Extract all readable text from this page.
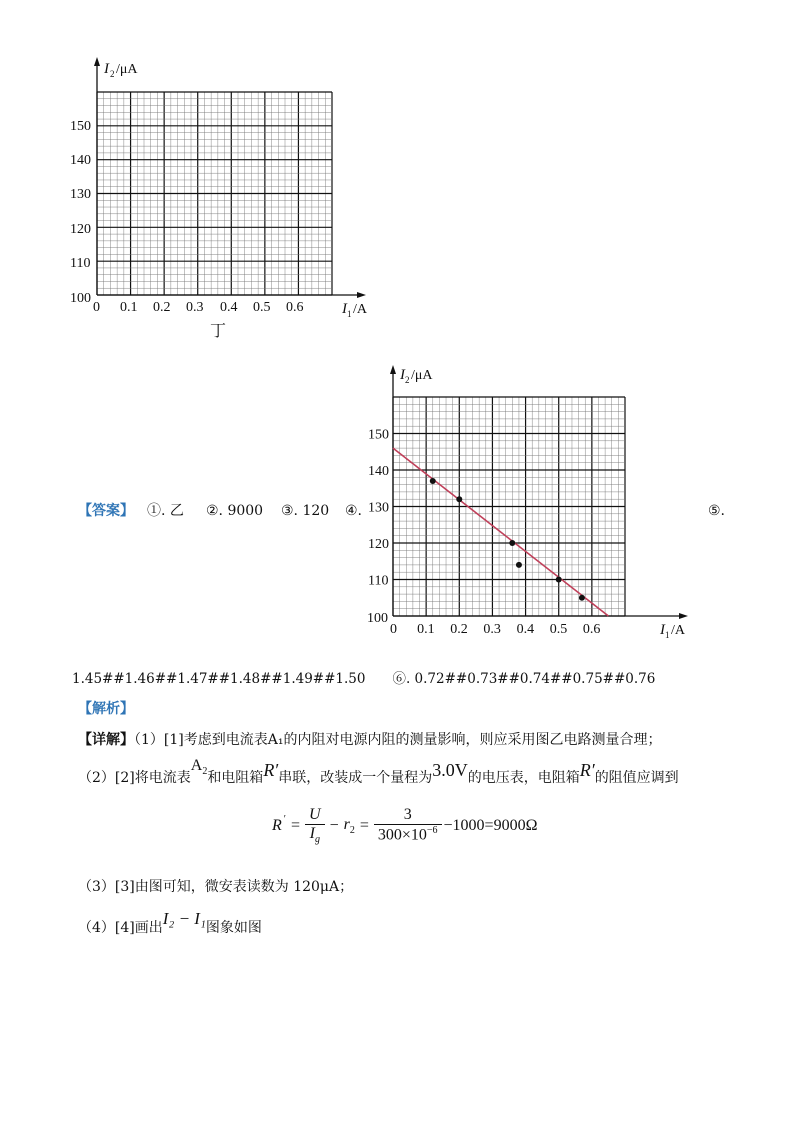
I 2 /μA
I 1 /A
100
0 0.1 0.2 0.3 0.4 0.5 0.6
110
120
130
140
150
丁
【答案】 ①. 乙 ②. 9000 ③. 120 ④.	⑤.
0 0.1 0.2 0.3 0.4 0.5 0.6
100
110
120
130
140
150
I 2 /μA
I 1 /A
1.45##1.46##1.47##1.48##1.49##1.50　　⑥. 0.72##0.73##0.74##0.75##0.76
【解析】
【详解】（1）[1]考虑到电流表A₁的内阻对电源内阻的测量影响，则应采用图乙电路测量合理；
（2）[2]将电流表$A_2$和电阻箱R′串联，改装成一个量程为3.0V的电压表，电阻箱R′的阻值应调到
$R' = \frac{U}{I_g} - r_2 = \frac{3}{300\times 10^{-6}} -1000=9000\Omega$
（3）[3]由图可知，微安表读数为 120μA；
（4）[4]画出I₂ − I₁图象如图
